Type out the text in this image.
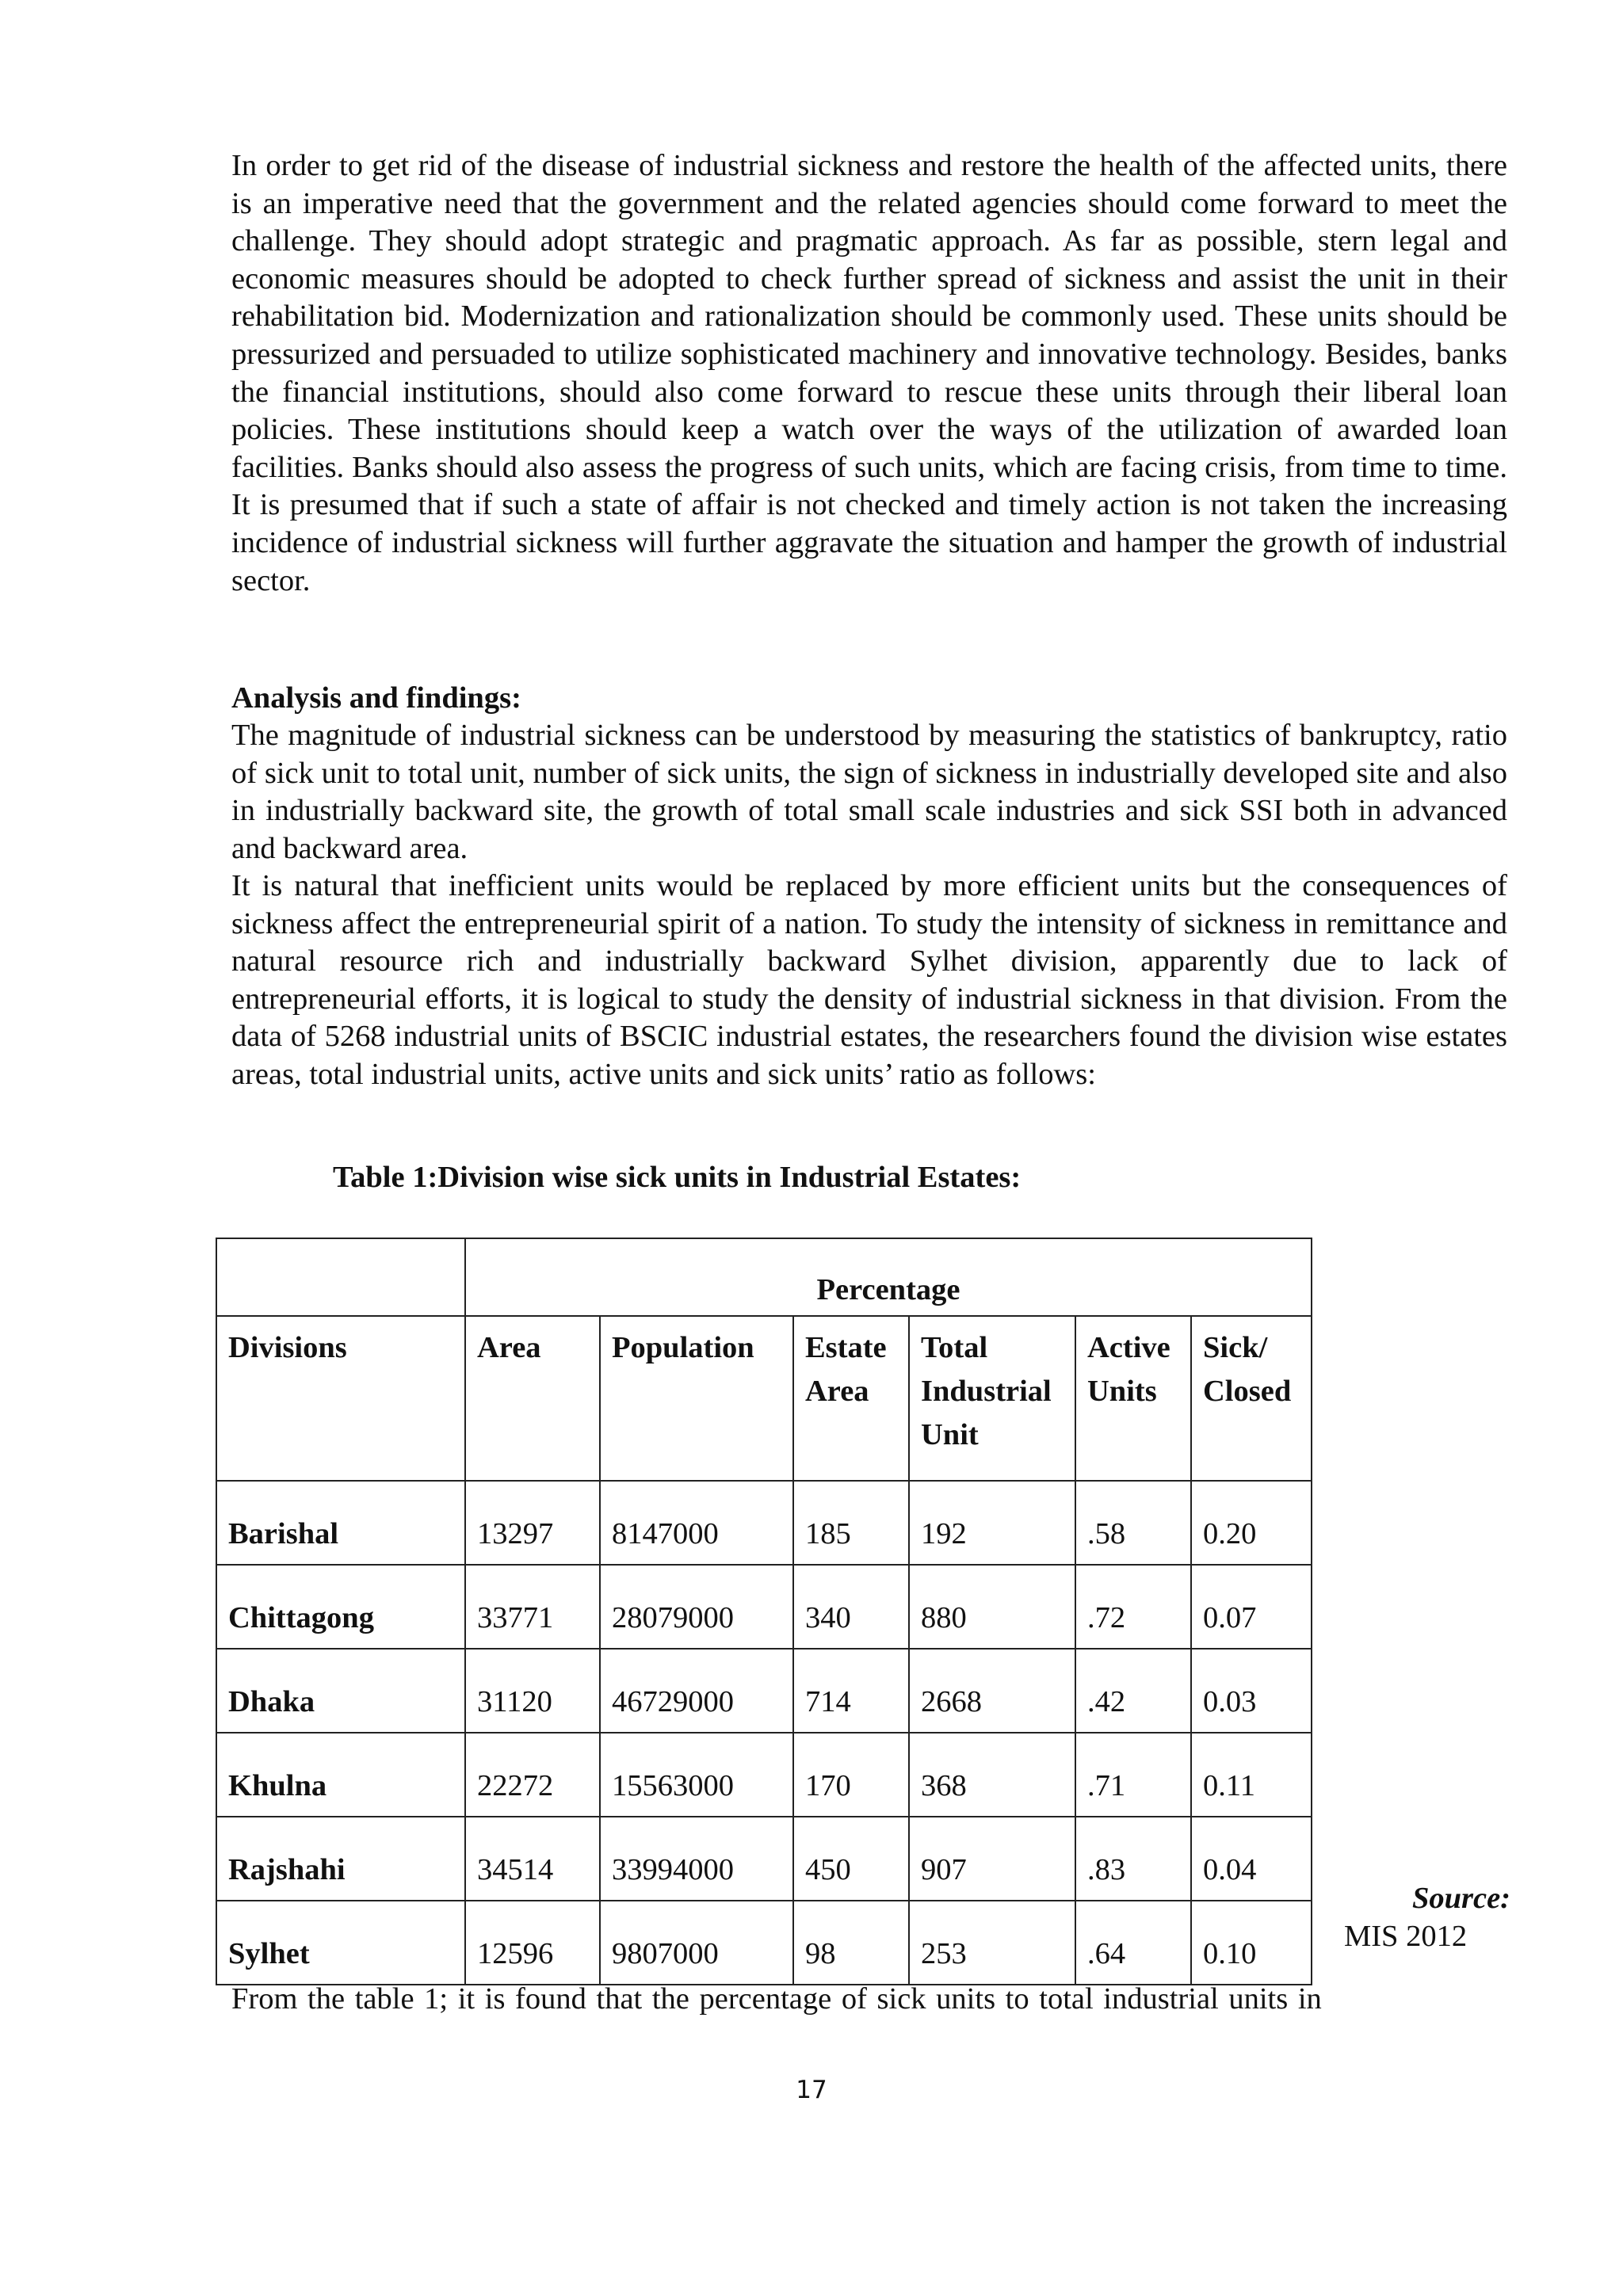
In order to get rid of the disease of industrial sickness and restore the health of the affected units, there is an imperative need that the government and the related agencies should come forward to meet the challenge. They should adopt strategic and pragmatic approach. As far as possible, stern legal and economic measures should be adopted to check further spread of sickness and assist the unit in their rehabilitation bid. Modernization and rationalization should be commonly used. These units should be pressurized and persuaded to utilize sophisticated machinery and innovative technology. Besides, banks the financial institutions, should also come forward to rescue these units through their liberal loan policies. These institutions should keep a watch over the ways of the utilization of awarded loan facilities. Banks should also assess the progress of such units, which are facing crisis, from time to time. It is presumed that if such a state of affair is not checked and timely action is not taken the increasing incidence of industrial sickness will further aggravate the situation and hamper the growth of industrial sector.

Analysis and findings:

The magnitude of industrial sickness can be understood by measuring the statistics of bankruptcy, ratio of sick unit to total unit, number of sick units, the sign of sickness in industrially developed site and also in industrially backward site, the growth of total small scale industries and sick SSI both in advanced and backward area.

It is natural that inefficient units would be replaced by more efficient units but the consequences of sickness affect the entrepreneurial spirit of a nation. To study the intensity of sickness in remittance and natural resource rich and industrially backward Sylhet division, apparently due to lack of entrepreneurial efforts, it is logical to study the density of industrial sickness in that division. From the data of 5268 industrial units of BSCIC industrial estates, the researchers found the division wise estates areas, total industrial units, active units and sick units’ ratio as follows:

Table 1:Division wise sick units in Industrial Estates:

	Percentage					
Divisions	Area	Population	Estate Area	Total Industrial Unit	Active Units	Sick/ Closed
Barishal	13297	8147000	185	192	.58	0.20
Chittagong	33771	28079000	340	880	.72	0.07
Dhaka	31120	46729000	714	2668	.42	0.03
Khulna	22272	15563000	170	368	.71	0.11
Rajshahi	34514	33994000	450	907	.83	0.04
Sylhet	12596	9807000	98	253	.64	0.10
Source:
MIS 2012

From the table 1; it is found that the percentage of sick units to total industrial units in

17
